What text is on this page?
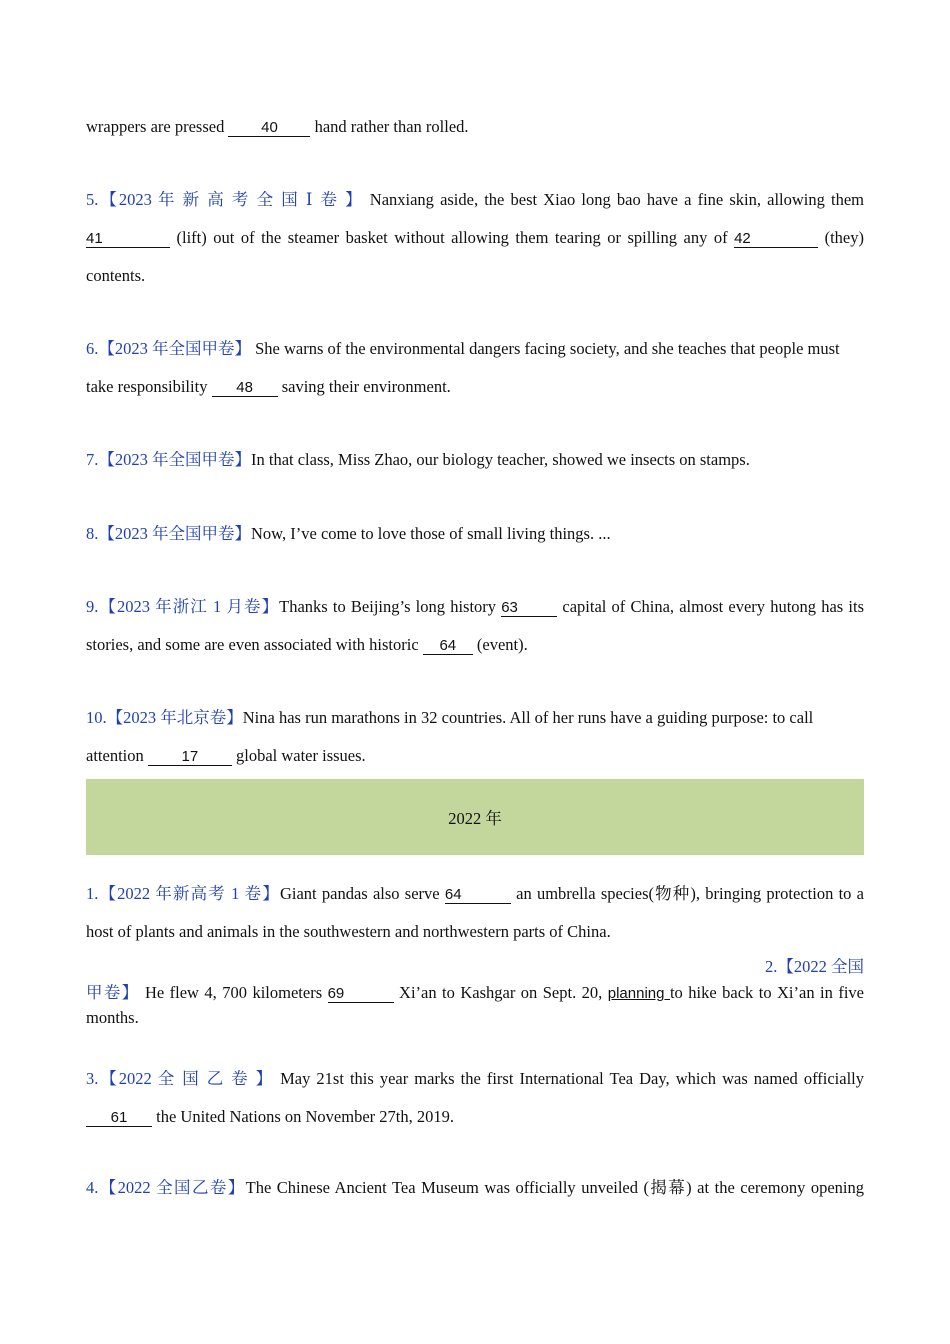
wrappers are pressed 40 hand rather than rolled.
5.【2023 年 新 高 考 全 国 Ⅰ 卷 】 Nanxiang aside, the best Xiao long bao have a fine skin, allowing them
41	(lift) out of the steamer basket without allowing them tearing or spilling any of 42	(they)
contents.
6.【2023 年全国甲卷】 She warns of the environmental dangers facing society, and she teaches that people must
take responsibility 48 saving their environment.
7.【2023 年全国甲卷】In that class, Miss Zhao, our biology teacher, showed we insects on stamps.
8.【2023 年全国甲卷】Now, I’ve come to love those of small living things. ...
9.【2023 年浙江 1 月卷】Thanks to Beijing’s long history 63 capital of China, almost every hutong has its
stories, and some are even associated with historic 64 (event).
10.【2023 年北京卷】Nina has run marathons in 32 countries. All of her runs have a guiding purpose: to call
attention 17 global water issues.
2022 年
1.【2022 年新高考 1 卷】Giant pandas also serve 64	an umbrella species(物种), bringing protection to a
host of plants and animals in the southwestern and northwestern parts of China.
2.【2022 全国
甲卷】 He flew 4, 700 kilometers 69	Xi’an to Kashgar on Sept. 20, planning to hike back to Xi’an in five
months.
3.【2022 全 国 乙 卷 】 May 21st this year marks the first International Tea Day, which was named officially
61 the United Nations on November 27th, 2019.
4.【2022 全国乙卷】The Chinese Ancient Tea Museum was officially unveiled (揭幕) at the ceremony opening
